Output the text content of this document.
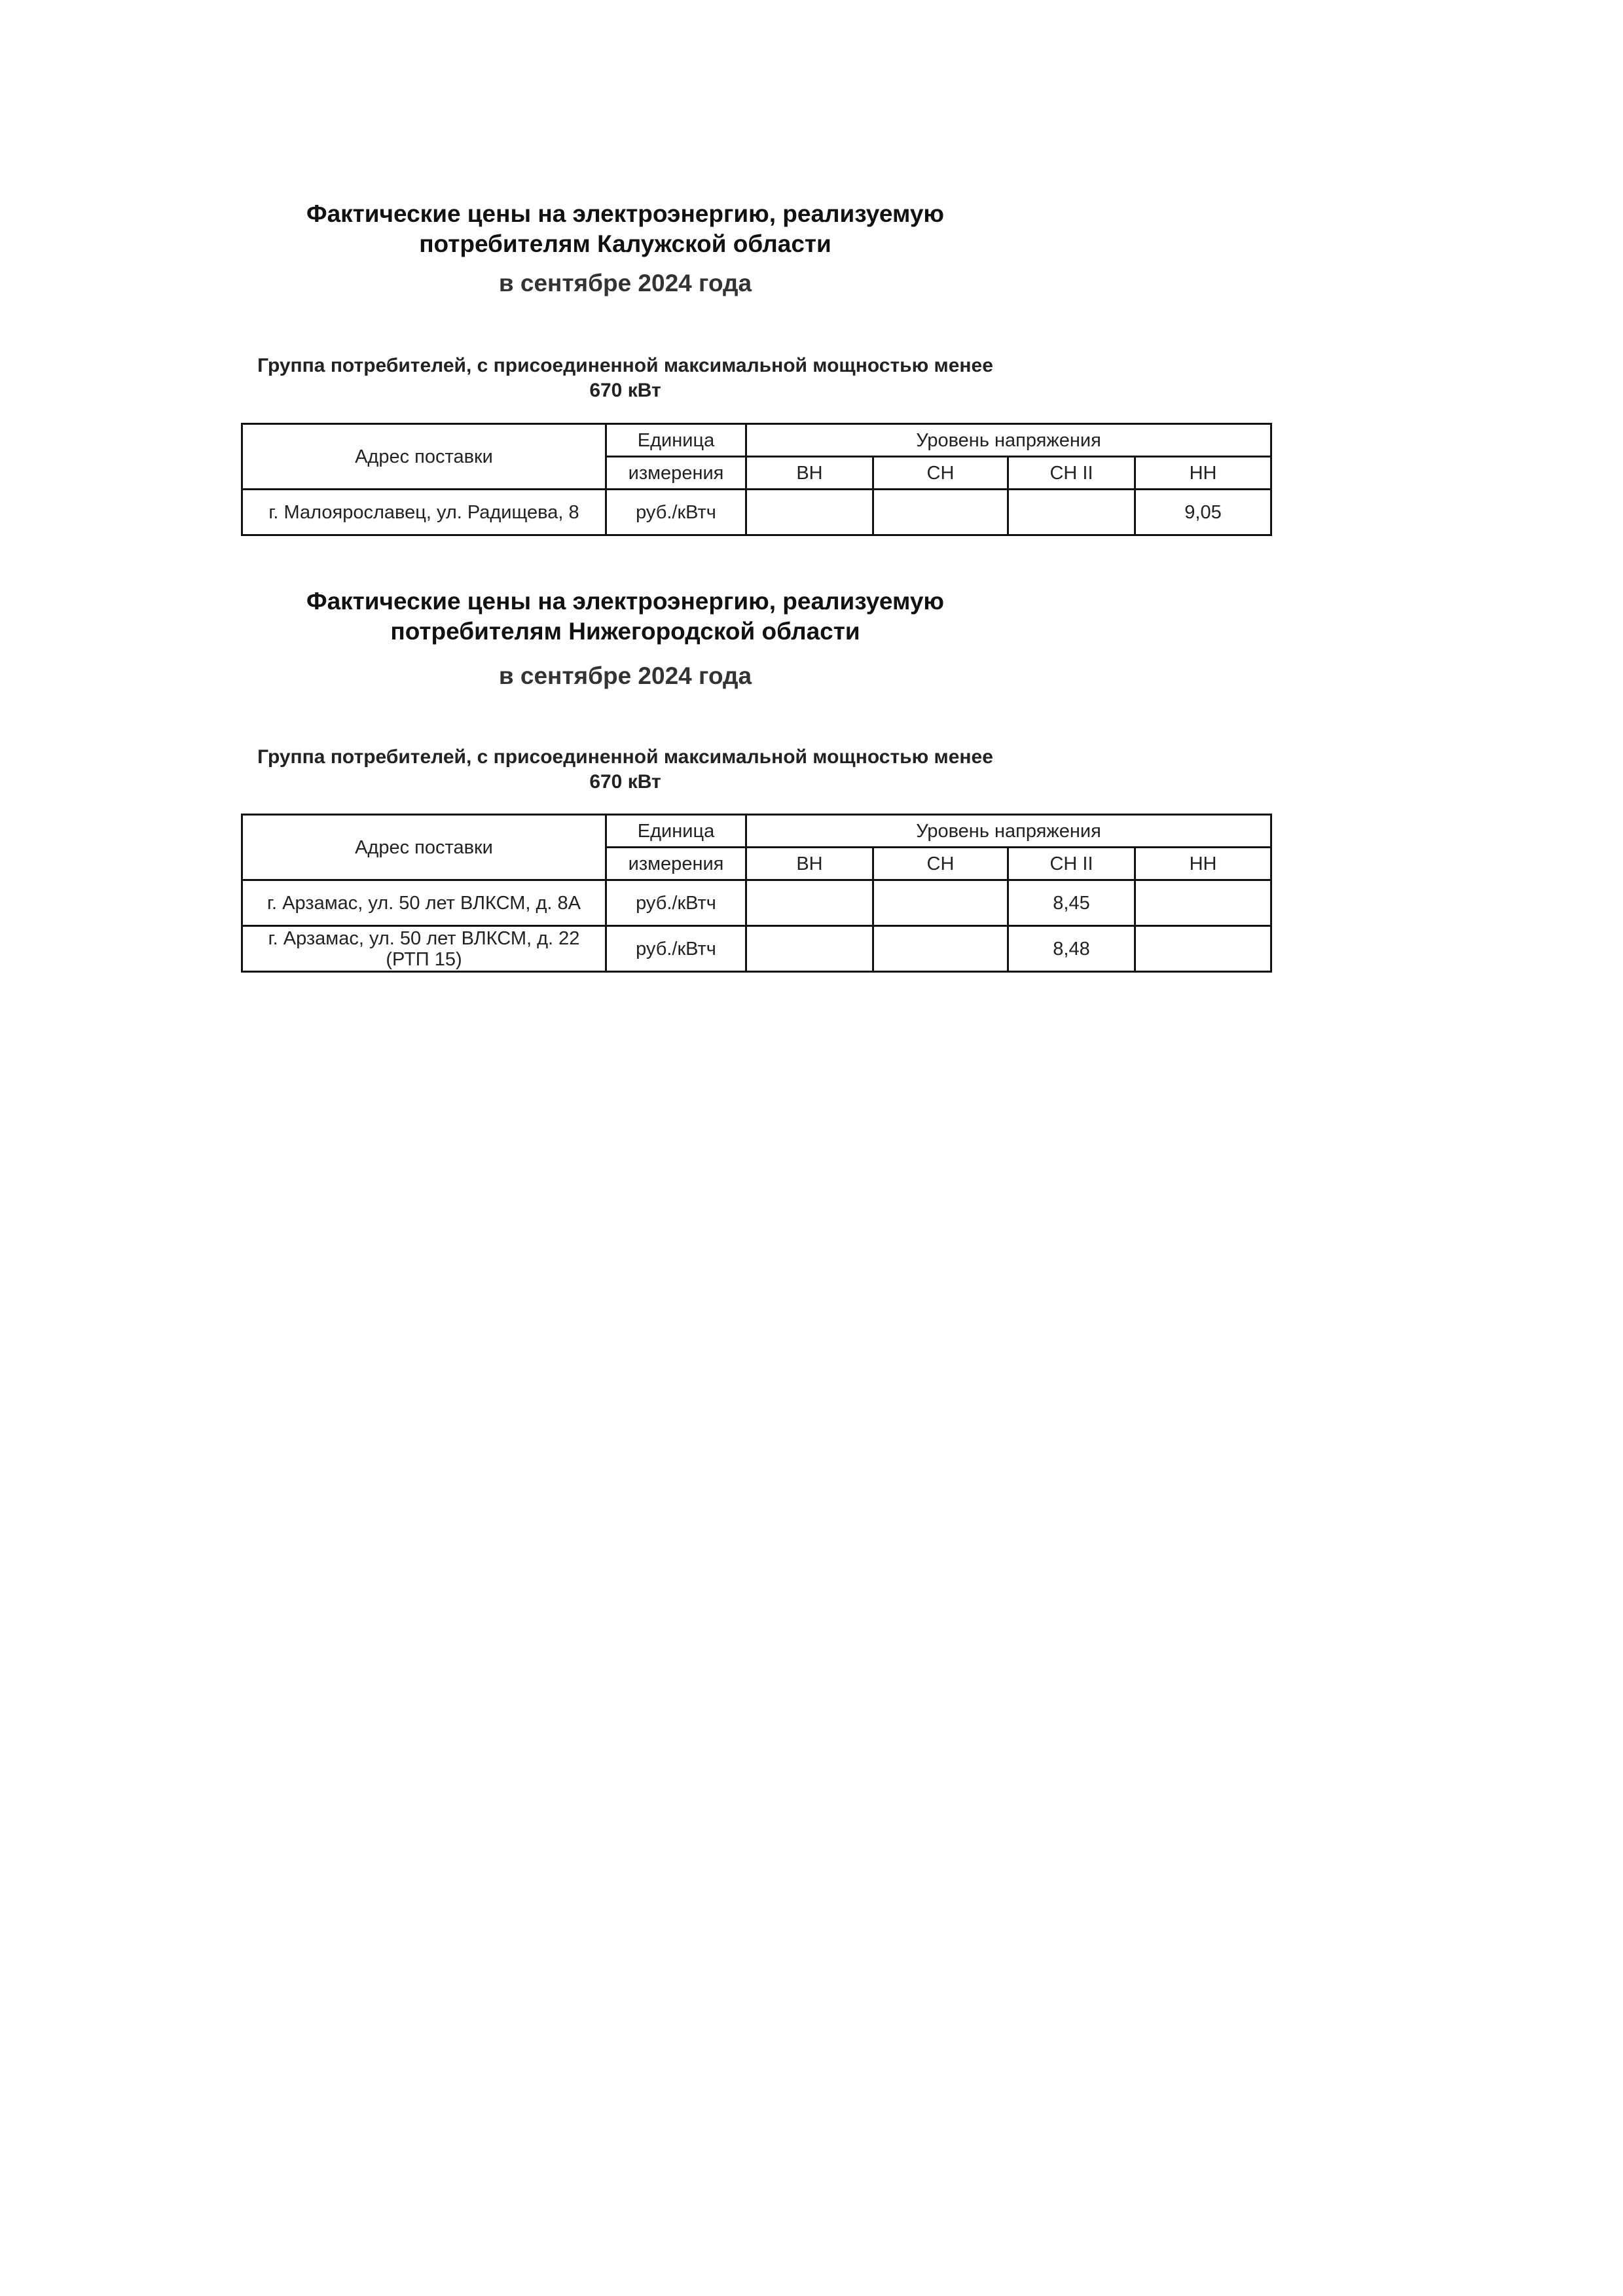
Фактические цены на электроэнергию, реализуемую потребителям Калужской области
в сентябре 2024 года
Группа потребителей, с присоединенной максимальной мощностью менее 670 кВт
Адрес поставки	Единица	Уровень напряжения			
	измерения	ВН	СН	СН II	НН
г. Малоярославец, ул. Радищева, 8	руб./кВтч				9,05
Фактические цены на электроэнергию, реализуемую потребителям Нижегородской области
в сентябре 2024 года
Группа потребителей, с присоединенной максимальной мощностью менее 670 кВт
Адрес поставки	Единица	Уровень напряжения			
	измерения	ВН	СН	СН II	НН
г. Арзамас, ул. 50 лет ВЛКСМ, д. 8А	руб./кВтч			8,45	
г. Арзамас, ул. 50 лет ВЛКСМ, д. 22 (РТП 15)	руб./кВтч			8,48	
